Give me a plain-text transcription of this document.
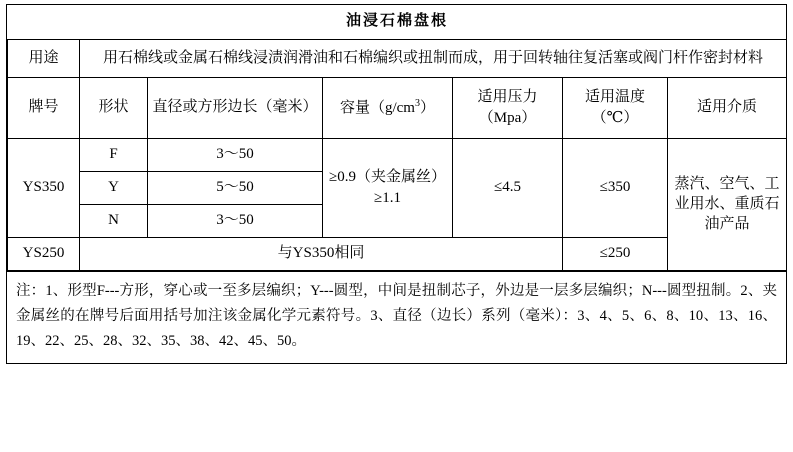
油浸石棉盘根						
用途	用石棉线或金属石棉线浸渍润滑油和石棉编织或扭制而成，用于回转轴往复活塞或阀门杆作密封材料					
牌号	形状	直径或方形边长（毫米）	容量$(g/cm^3)$	适用压力（Mpa）	适用温度（℃）	适用介质
YS350	F	3～50	≥0.9（夹金属丝）≥1.1	≤4.5	≤350	蒸汽、空气、工业用水、重质石油产品
	Y	5～50				
	N	3～50				
YS250	与YS350相同				≤250	
注：1、形型F---方形，穿心或一至多层编织；Y---圆型，中间是扭制芯子，外边是一层多层编织；N---圆型扭制。2、夹金属丝的在牌号后面用括号加注该金属化学元素符号。3、直径（边长）系列（毫米）：3、4、5、6、8、10、13、16、19、22、25、28、32、35、38、42、45、50。
